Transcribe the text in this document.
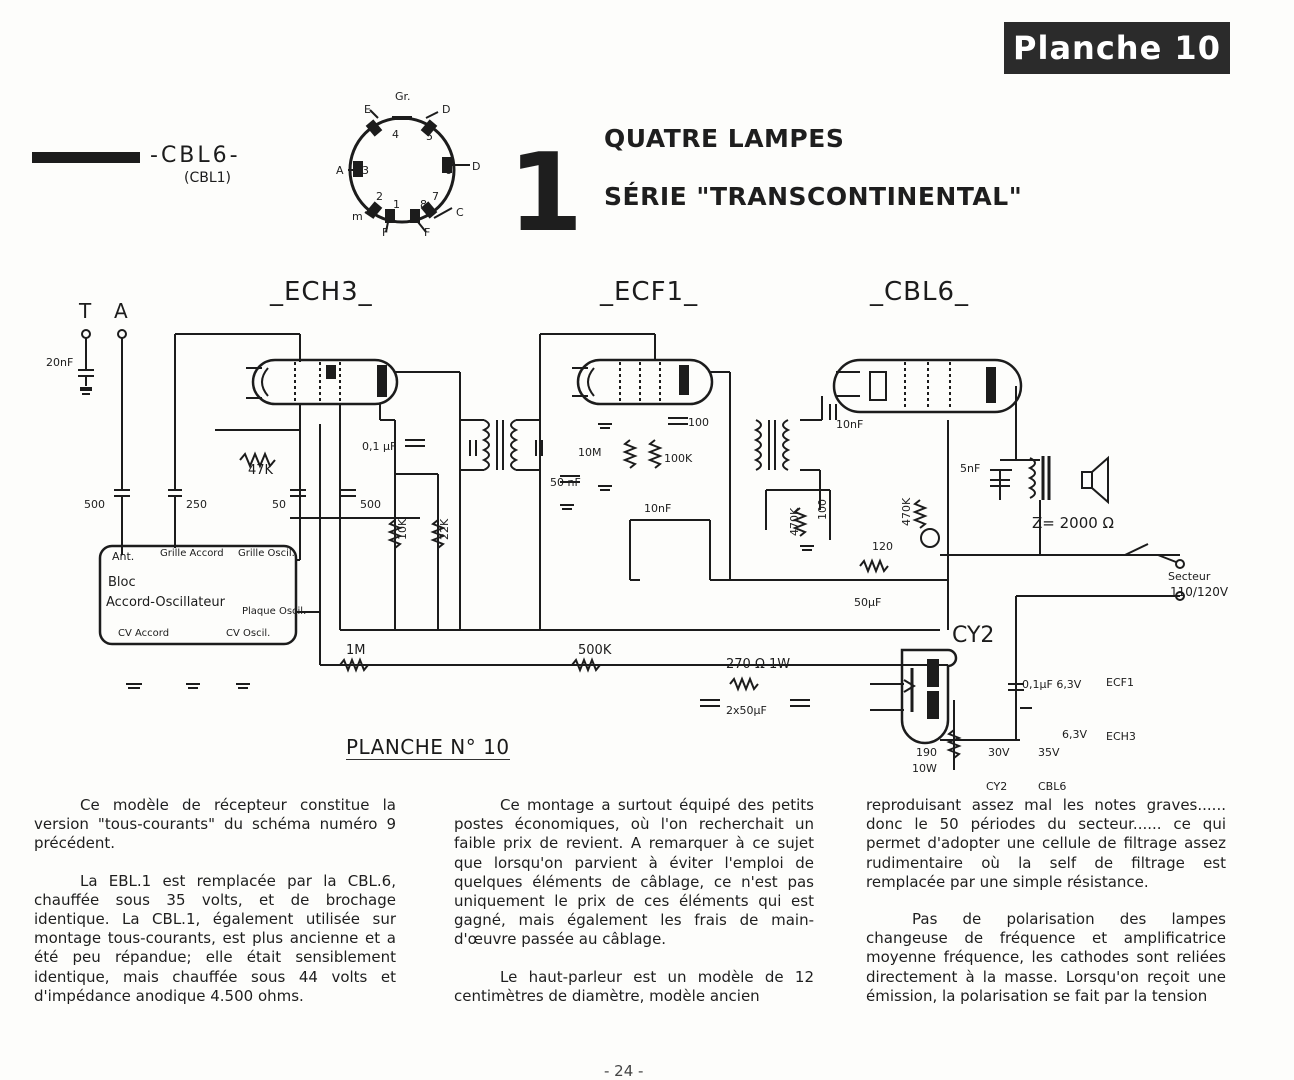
-CBL6-
(CBL1)
Gr.
E	D
A	D
m
F	F
C
4 5
3	6
2
1 8
7
_ECH3_	_ECF1_	_CBL6_
T A
20nF
500	250	50	500
47K
0,1 µF
10K	22K
1M	500K
50 nF
10M
100
100K
10nF
10nF
470K 100	470K
120
50µF
5nF
Z= 2000 Ω
270 Ω 1W
2x50µF
0,1µF 6,3V
190
10W
30V	35V
6,3V
Ant.	Grille Accord Grille Oscil.
Bloc
Accord-Oscillateur
Plaque Oscil.
CV Accord	CV Oscil.
Secteur
110/120V
CY2
ECF1
ECH3
CY2	CBL6
Planche 10
QUATRE LAMPES
SÉRIE "TRANSCONTINENTAL"
1
PLANCHE N° 10

Ce modèle de récepteur constitue la version "tous-courants" du schéma numéro 9 précédent.

La EBL.1 est remplacée par la CBL.6, chauffée sous 35 volts, et de brochage identique. La CBL.1, également utilisée sur montage tous-courants, est plus ancienne et a été peu répandue; elle était sensiblement identique, mais chauffée sous 44 volts et d'impédance anodique 4.500 ohms.

Ce montage a surtout équipé des petits postes économiques, où l'on recherchait un faible prix de revient. A remarquer à ce sujet que lorsqu'on parvient à éviter l'emploi de quelques éléments de câblage, ce n'est pas uniquement le prix de ces éléments qui est gagné, mais également les frais de main-d'œuvre passée au câblage.

Le haut-parleur est un modèle de 12 centimètres de diamètre, modèle ancien

reproduisant assez mal les notes graves...... donc le 50 périodes du secteur...... ce qui permet d'adopter une cellule de filtrage assez rudimentaire où la self de filtrage est remplacée par une simple résistance.

Pas de polarisation des lampes changeuse de fréquence et amplificatrice moyenne fréquence, les cathodes sont reliées directement à la masse. Lorsqu'on reçoit une émission, la polarisation se fait par la tension

- 24 -
